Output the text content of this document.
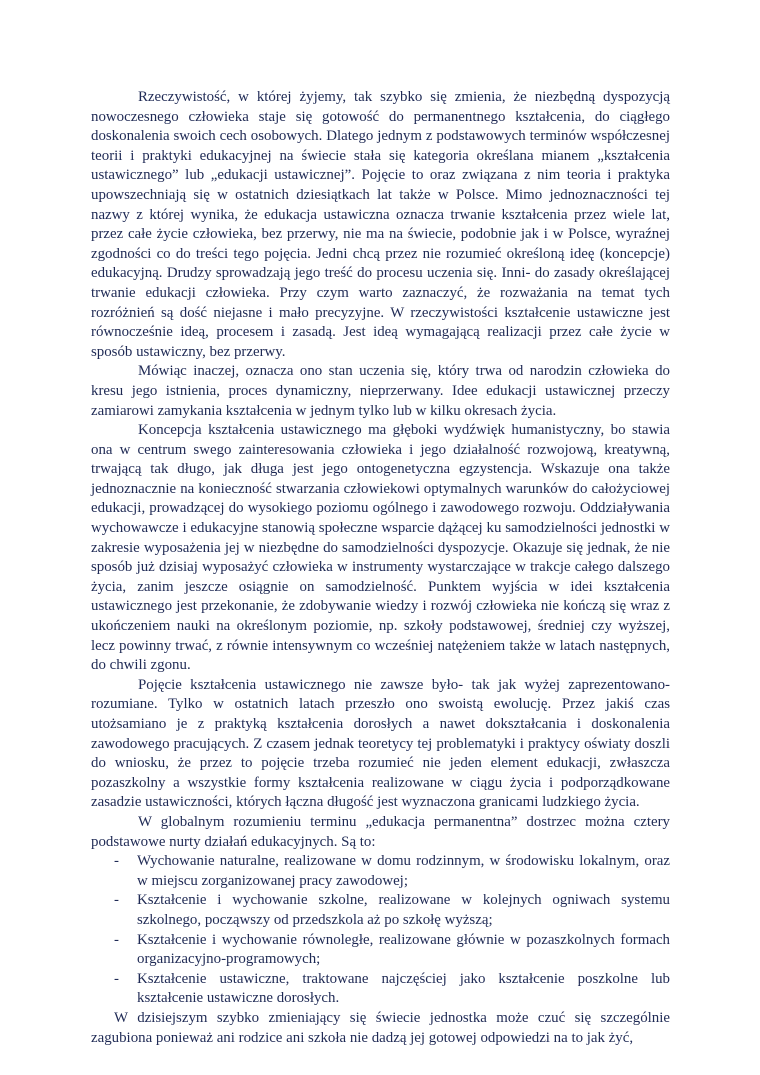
Rzeczywistość, w której żyjemy, tak szybko się zmienia, że niezbędną dyspozycją nowoczesnego człowieka staje się gotowość do permanentnego kształcenia, do ciągłego doskonalenia swoich cech osobowych. Dlatego jednym z podstawowych terminów współczesnej teorii i praktyki edukacyjnej na świecie stała się kategoria określana mianem „kształcenia ustawicznego” lub „edukacji ustawicznej”. Pojęcie to oraz związana z nim teoria i praktyka upowszechniają się w ostatnich dziesiątkach lat także w Polsce. Mimo jednoznaczności tej nazwy z której wynika, że edukacja ustawiczna oznacza trwanie kształcenia przez wiele lat, przez całe życie człowieka, bez przerwy, nie ma na świecie, podobnie jak i w Polsce, wyraźnej zgodności co do treści tego pojęcia. Jedni chcą przez nie rozumieć określoną ideę (koncepcje) edukacyjną. Drudzy sprowadzają jego treść do procesu uczenia się. Inni- do zasady określającej trwanie edukacji człowieka. Przy czym warto zaznaczyć, że rozważania na temat tych rozróżnień są dość niejasne i mało precyzyjne. W rzeczywistości kształcenie ustawiczne jest równocześnie ideą, procesem i zasadą. Jest ideą wymagającą realizacji przez całe życie w sposób ustawiczny, bez przerwy.

Mówiąc inaczej, oznacza ono stan uczenia się, który trwa od narodzin człowieka do kresu jego istnienia, proces dynamiczny, nieprzerwany. Idee edukacji ustawicznej przeczy zamiarowi zamykania kształcenia w jednym tylko lub w kilku okresach życia.

Koncepcja kształcenia ustawicznego ma głęboki wydźwięk humanistyczny, bo stawia ona w centrum swego zainteresowania człowieka i jego działalność rozwojową, kreatywną, trwającą tak długo, jak długa jest jego ontogenetyczna egzystencja. Wskazuje ona także jednoznacznie na konieczność stwarzania człowiekowi optymalnych warunków do całożyciowej edukacji, prowadzącej do wysokiego poziomu ogólnego i zawodowego rozwoju. Oddziaływania wychowawcze i edukacyjne stanowią społeczne wsparcie dążącej ku samodzielności jednostki w zakresie wyposażenia jej w niezbędne do samodzielności dyspozycje. Okazuje się jednak, że nie sposób już dzisiaj wyposażyć człowieka w instrumenty wystarczające w trakcje całego dalszego życia, zanim jeszcze osiągnie on samodzielność. Punktem wyjścia w idei kształcenia ustawicznego jest przekonanie, że zdobywanie wiedzy i rozwój człowieka nie kończą się wraz z ukończeniem nauki na określonym poziomie, np. szkoły podstawowej, średniej czy wyższej, lecz powinny trwać, z równie intensywnym co wcześniej natężeniem także w latach następnych, do chwili zgonu.

Pojęcie kształcenia ustawicznego nie zawsze było- tak jak wyżej zaprezentowano- rozumiane. Tylko w ostatnich latach przeszło ono swoistą ewolucję. Przez jakiś czas utożsamiano je z praktyką kształcenia dorosłych a nawet dokształcania i doskonalenia zawodowego pracujących. Z czasem jednak teoretycy tej problematyki i praktycy oświaty doszli do wniosku, że przez to pojęcie trzeba rozumieć nie jeden element edukacji, zwłaszcza pozaszkolny a wszystkie formy kształcenia realizowane w ciągu życia i podporządkowane zasadzie ustawiczności, których łączna długość jest wyznaczona granicami ludzkiego życia.

W globalnym rozumieniu terminu „edukacja permanentna” dostrzec można cztery podstawowe nurty działań edukacyjnych. Są to:

- Wychowanie naturalne, realizowane w domu rodzinnym, w środowisku lokalnym, oraz w miejscu zorganizowanej pracy zawodowej;
- Kształcenie i wychowanie szkolne, realizowane w kolejnych ogniwach systemu szkolnego, począwszy od przedszkola aż po szkołę wyższą;
- Kształcenie i wychowanie równoległe, realizowane głównie w pozaszkolnych formach organizacyjno-programowych;
- Kształcenie ustawiczne, traktowane najczęściej jako kształcenie poszkolne lub kształcenie ustawiczne dorosłych.

W dzisiejszym szybko zmieniający się świecie jednostka może czuć się szczególnie zagubiona ponieważ ani rodzice ani szkoła nie dadzą jej gotowej odpowiedzi na to jak żyć,
